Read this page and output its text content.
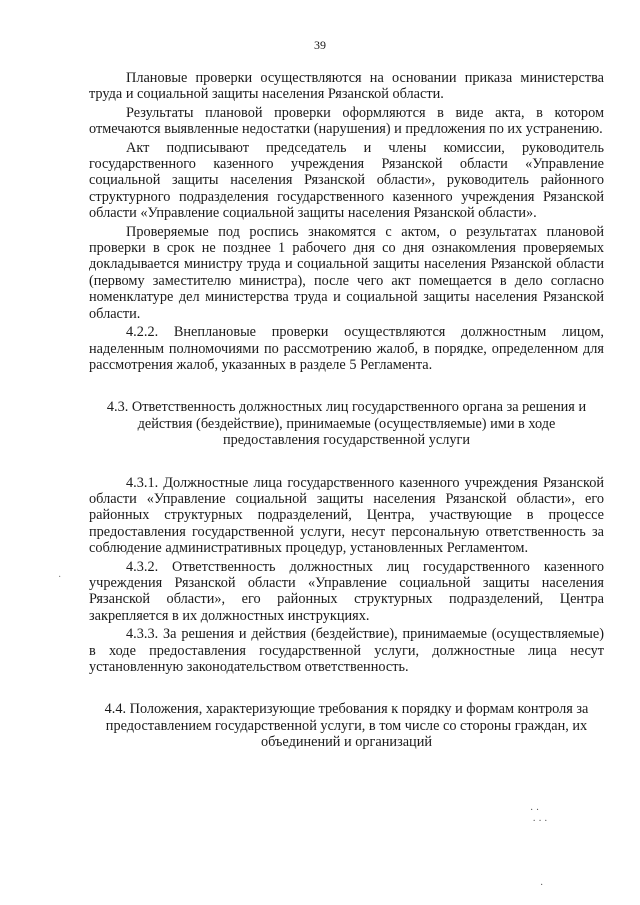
39

Плановые проверки осуществляются на основании приказа министерства труда и социальной защиты населения Рязанской области.

Результаты плановой проверки оформляются в виде акта, в котором отмечаются выявленные недостатки (нарушения) и предложения по их устранению.

Акт подписывают председатель и члены комиссии, руководитель государственного казенного учреждения Рязанской области «Управление социальной защиты населения Рязанской области», руководитель районного структурного подразделения государственного казенного учреждения Рязанской области «Управление социальной защиты населения Рязанской области».

Проверяемые под роспись знакомятся с актом, о результатах плановой проверки в срок не позднее 1 рабочего дня со дня ознакомления проверяемых докладывается министру труда и социальной защиты населения Рязанской области (первому заместителю министра), после чего акт помещается в дело согласно номенклатуре дел министерства труда и социальной защиты населения Рязанской области.

4.2.2. Внеплановые проверки осуществляются должностным лицом, наделенным полномочиями по рассмотрению жалоб, в порядке, определенном для рассмотрения жалоб, указанных в разделе 5 Регламента.

4.3. Ответственность должностных лиц государственного органа за решения и действия (бездействие), принимаемые (осуществляемые) ими в ходе предоставления государственной услуги

4.3.1. Должностные лица государственного казенного учреждения Рязанской области «Управление социальной защиты населения Рязанской области», его районных структурных подразделений, Центра, участвующие в процессе предоставления государственной услуги, несут персональную ответственность за соблюдение административных процедур, установленных Регламентом.

4.3.2. Ответственность должностных лиц государственного казенного учреждения Рязанской области «Управление социальной защиты населения Рязанской области», его районных структурных подразделений, Центра закрепляется в их должностных инструкциях.

4.3.3. За решения и действия (бездействие), принимаемые (осуществляемые) в ходе предоставления государственной услуги, должностные лица несут установленную законодательством ответственность.

4.4. Положения, характеризующие требования к порядку и формам контроля за предоставлением государственной услуги, в том числе со стороны граждан, их объединений и организаций

·
· ·
· · ·
·
